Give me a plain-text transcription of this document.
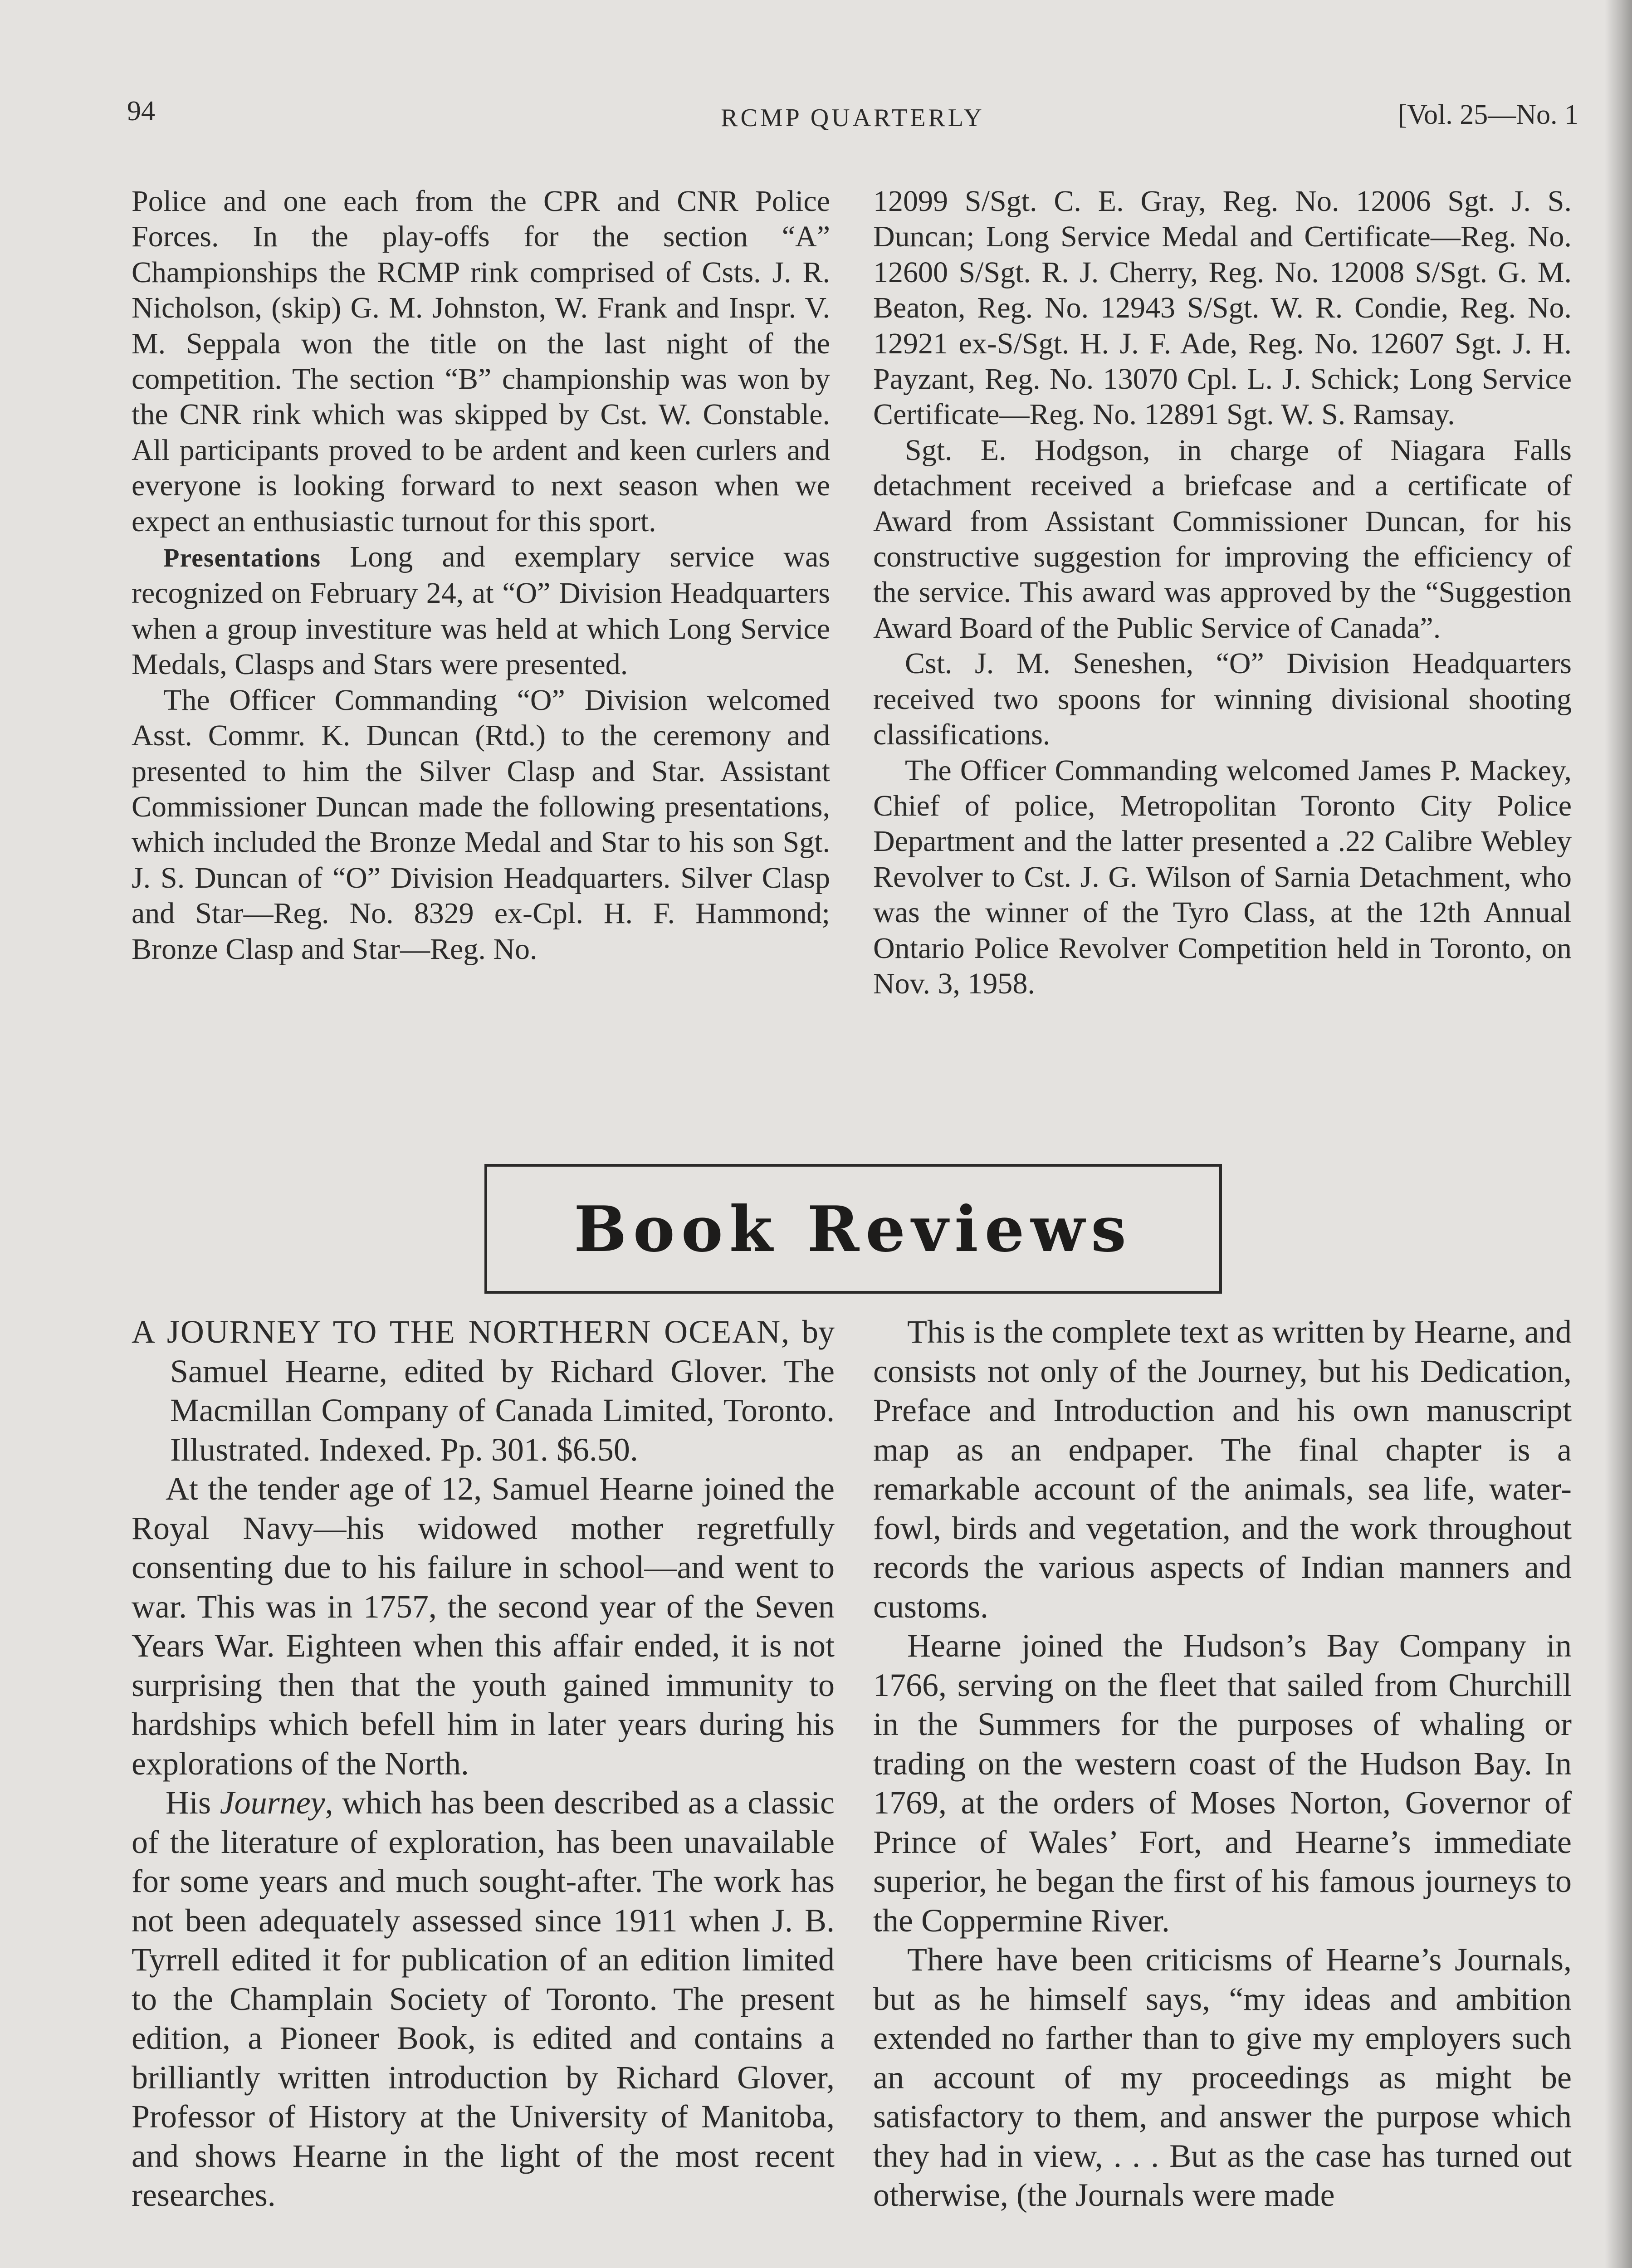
94	RCMP QUARTERLY	[Vol. 25—No. 1

Police and one each from the CPR and CNR Police Forces. In the play-offs for the section “A” Championships the RCMP rink comprised of Csts. J. R. Nicholson, (skip) G. M. Johnston, W. Frank and Inspr. V. M. Seppala won the title on the last night of the competition. The section “B” championship was won by the CNR rink which was skipped by Cst. W. Constable. All participants proved to be ardent and keen curlers and everyone is looking forward to next season when we expect an enthusiastic turnout for this sport.

Presentations Long and exemplary service was recognized on February 24, at “O” Division Headquarters when a group investiture was held at which Long Service Medals, Clasps and Stars were presented.

The Officer Commanding “O” Division welcomed Asst. Commr. K. Duncan (Rtd.) to the ceremony and presented to him the Silver Clasp and Star. Assistant Commissioner Duncan made the following presentations, which included the Bronze Medal and Star to his son Sgt. J. S. Duncan of “O” Division Headquarters. Silver Clasp and Star—Reg. No. 8329 ex-Cpl. H. F. Hammond; Bronze Clasp and Star—Reg. No.

12099 S/Sgt. C. E. Gray, Reg. No. 12006 Sgt. J. S. Duncan; Long Service Medal and Certificate—Reg. No. 12600 S/Sgt. R. J. Cherry, Reg. No. 12008 S/Sgt. G. M. Beaton, Reg. No. 12943 S/Sgt. W. R. Condie, Reg. No. 12921 ex-S/Sgt. H. J. F. Ade, Reg. No. 12607 Sgt. J. H. Payzant, Reg. No. 13070 Cpl. L. J. Schick; Long Service Certificate—Reg. No. 12891 Sgt. W. S. Ramsay.

Sgt. E. Hodgson, in charge of Niagara Falls detachment received a briefcase and a certificate of Award from Assistant Commissioner Duncan, for his constructive suggestion for improving the efficiency of the service. This award was approved by the “Suggestion Award Board of the Public Service of Canada”.

Cst. J. M. Seneshen, “O” Division Headquarters received two spoons for winning divisional shooting classifications.

The Officer Commanding welcomed James P. Mackey, Chief of police, Metropolitan Toronto City Police Department and the latter presented a .22 Calibre Webley Revolver to Cst. J. G. Wilson of Sarnia Detachment, who was the winner of the Tyro Class, at the 12th Annual Ontario Police Revolver Competition held in Toronto, on Nov. 3, 1958.

Book Reviews

A JOURNEY TO THE NORTHERN OCEAN, by Samuel Hearne, edited by Richard Glover. The Macmillan Company of Canada Limited, Toronto. Illustrated. Indexed. Pp. 301. $6.50.

At the tender age of 12, Samuel Hearne joined the Royal Navy—his widowed mother regretfully consenting due to his failure in school—and went to war. This was in 1757, the second year of the Seven Years War. Eighteen when this affair ended, it is not surprising then that the youth gained immunity to hardships which befell him in later years during his explorations of the North.

His Journey, which has been described as a classic of the literature of exploration, has been unavailable for some years and much sought-after. The work has not been adequately assessed since 1911 when J. B. Tyrrell edited it for publication of an edition limited to the Champlain Society of Toronto. The present edition, a Pioneer Book, is edited and contains a brilliantly written introduction by Richard Glover, Professor of History at the University of Manitoba, and shows Hearne in the light of the most recent researches.

This is the complete text as written by Hearne, and consists not only of the Journey, but his Dedication, Preface and Introduction and his own manuscript map as an endpaper. The final chapter is a remarkable account of the animals, sea life, water-fowl, birds and vegetation, and the work throughout records the various aspects of Indian manners and customs.

Hearne joined the Hudson’s Bay Company in 1766, serving on the fleet that sailed from Churchill in the Summers for the purposes of whaling or trading on the western coast of the Hudson Bay. In 1769, at the orders of Moses Norton, Governor of Prince of Wales’ Fort, and Hearne’s immediate superior, he began the first of his famous journeys to the Coppermine River.

There have been criticisms of Hearne’s Journals, but as he himself says, “my ideas and ambition extended no farther than to give my employers such an account of my proceedings as might be satisfactory to them, and answer the purpose which they had in view, . . . But as the case has turned out otherwise, (the Journals were made
